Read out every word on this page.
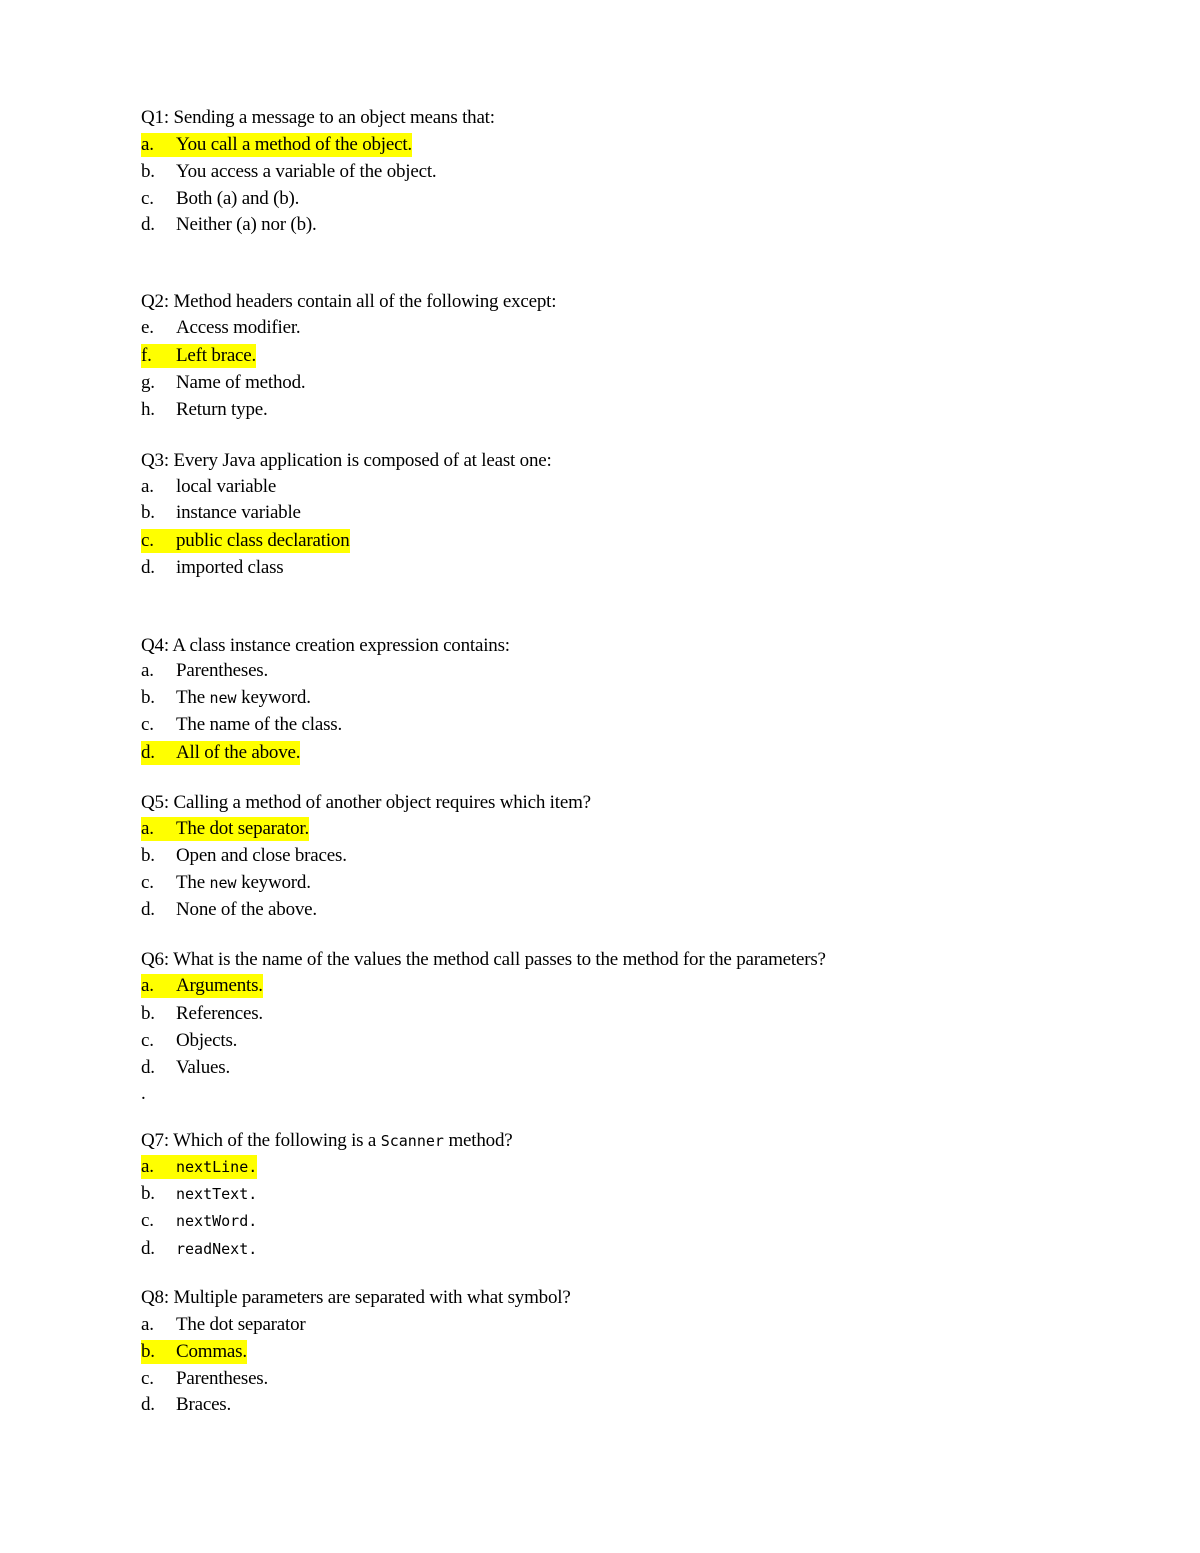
Q1: Sending a message to an object means that:
a. You call a method of the object.
b. You access a variable of the object.
c. Both (a) and (b).
d. Neither (a) nor (b).
Q2: Method headers contain all of the following except:
e. Access modifier.
f. Left brace.
g. Name of method.
h. Return type.
Q3: Every Java application is composed of at least one:
a. local variable
b. instance variable
c. public class declaration
d. imported class
Q4: A class instance creation expression contains:
a. Parentheses.
b. The new keyword.
c. The name of the class.
d. All of the above.
Q5: Calling a method of another object requires which item?
a. The dot separator.
b. Open and close braces.
c. The new keyword.
d. None of the above.
Q6: What is the name of the values the method call passes to the method for the parameters?
a. Arguments.
b. References.
c. Objects.
d. Values.
.
Q7: Which of the following is a Scanner method?
a. nextLine.
b. nextText.
c. nextWord.
d. readNext.
Q8: Multiple parameters are separated with what symbol?
a. The dot separator
b. Commas.
c. Parentheses.
d. Braces.
